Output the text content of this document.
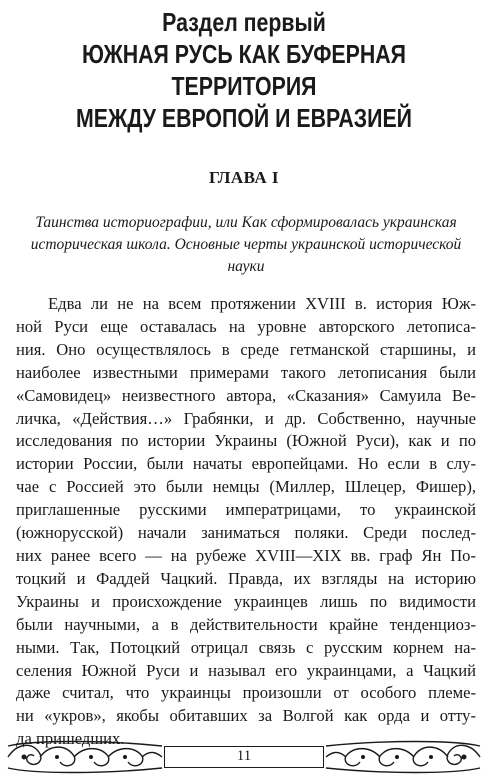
Раздел первый
ЮЖНАЯ РУСЬ КАК БУФЕРНАЯ ТЕРРИТОРИЯ
МЕЖДУ ЕВРОПОЙ И ЕВРАЗИЕЙ
ГЛАВА I
Таинства историографии, или Как сформировалась украинская
историческая школа. Основные черты украинской исторической
науки
Едва ли не на всем протяжении XVIII в. история Юж-
ной Руси еще оставалась на уровне авторского летописа-
ния. Оно осуществлялось в среде гетманской старшины, и
наиболее известными примерами такого летописания были
«Самовидец» неизвестного автора, «Сказания» Самуила Ве-
личка, «Действия…» Грабянки, и др. Собственно, научные
исследования по истории Украины (Южной Руси), как и по
истории России, были начаты европейцами. Но если в слу-
чае с Россией это были немцы (Миллер, Шлецер, Фишер),
приглашенные русскими императрицами, то украинской
(южнорусской) начали заниматься поляки. Среди послед-
них ранее всего — на рубеже XVIII—XIX вв. граф Ян По-
тоцкий и Фаддей Чацкий. Правда, их взгляды на историю
Украины и происхождение украинцев лишь по видимости
были научными, а в действительности крайне тенденциоз-
ными. Так, Потоцкий отрицал связь с русским корнем на-
селения Южной Руси и называл его украинцами, а Чацкий
даже считал, что украинцы произошли от особого племе-
ни «укров», якобы обитавших за Волгой как орда и отту-
да пришедших.
11
